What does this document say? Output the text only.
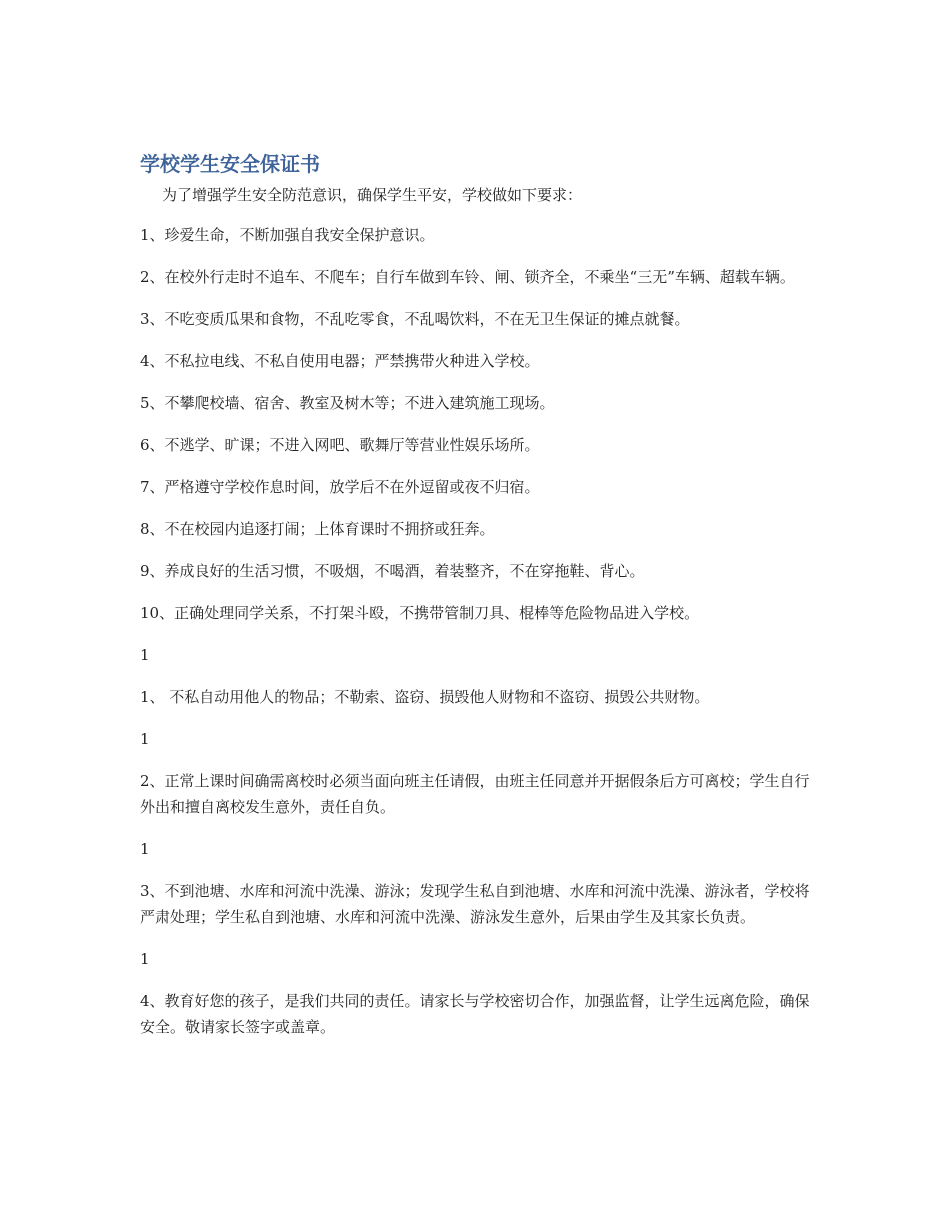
学校学生安全保证书

为了增强学生安全防范意识，确保学生平安，学校做如下要求：

1、珍爱生命，不断加强自我安全保护意识。

2、在校外行走时不追车、不爬车；自行车做到车铃、闸、锁齐全，不乘坐“三无”车辆、超载车辆。

3、不吃变质瓜果和食物，不乱吃零食，不乱喝饮料，不在无卫生保证的摊点就餐。

4、不私拉电线、不私自使用电器；严禁携带火种进入学校。

5、不攀爬校墙、宿舍、教室及树木等；不进入建筑施工现场。

6、不逃学、旷课；不进入网吧、歌舞厅等营业性娱乐场所。

7、严格遵守学校作息时间，放学后不在外逗留或夜不归宿。

8、不在校园内追逐打闹；上体育课时不拥挤或狂奔。

9、养成良好的生活习惯，不吸烟，不喝酒，着装整齐，不在穿拖鞋、背心。

10、正确处理同学关系，不打架斗殴，不携带管制刀具、棍棒等危险物品进入学校。

1

1、 不私自动用他人的物品；不勒索、盗窃、损毁他人财物和不盗窃、损毁公共财物。

1

2、正常上课时间确需离校时必须当面向班主任请假，由班主任同意并开据假条后方可离校；学生自行外出和擅自离校发生意外，责任自负。

1

3、不到池塘、水库和河流中洗澡、游泳；发现学生私自到池塘、水库和河流中洗澡、游泳者，学校将严肃处理；学生私自到池塘、水库和河流中洗澡、游泳发生意外，后果由学生及其家长负责。

1

4、教育好您的孩子，是我们共同的责任。请家长与学校密切合作，加强监督，让学生远离危险，确保安全。敬请家长签字或盖章。
